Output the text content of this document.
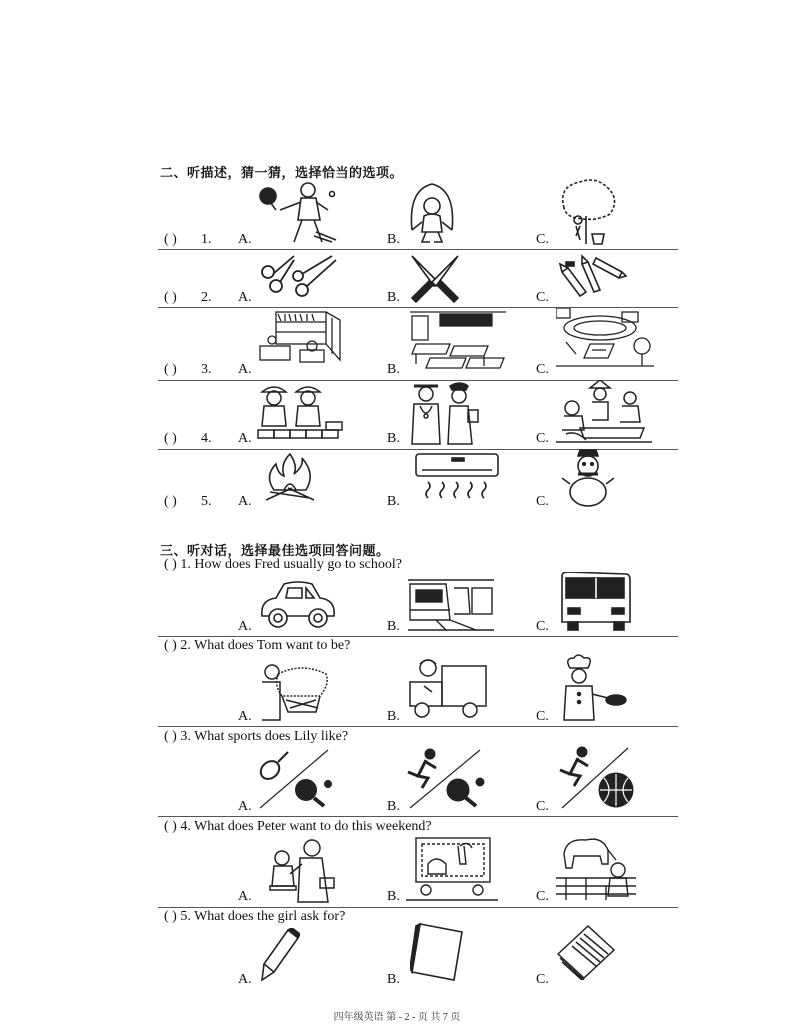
二、听描述，猜一猜，选择恰当的选项。
( ) 1. A.	B.	C.
( ) 2. A.	B.	C.
( ) 3. A.	B.	C.
( ) 4. A.	B.	C.
( ) 5. A.	B.	C.
三、听对话，选择最佳选项回答问题。
( ) 1. How does Fred usually go to school?
A.	B.	C.
( ) 2. What does Tom want to be?
A.	B.	C.
( ) 3. What sports does Lily like?
A.	B.	C.
( ) 4. What does Peter want to do this weekend?
A.	B.	C.
( ) 5. What does the girl ask for?
A.	B.	C.
四年级英语 第 - 2 - 页 共 7 页
